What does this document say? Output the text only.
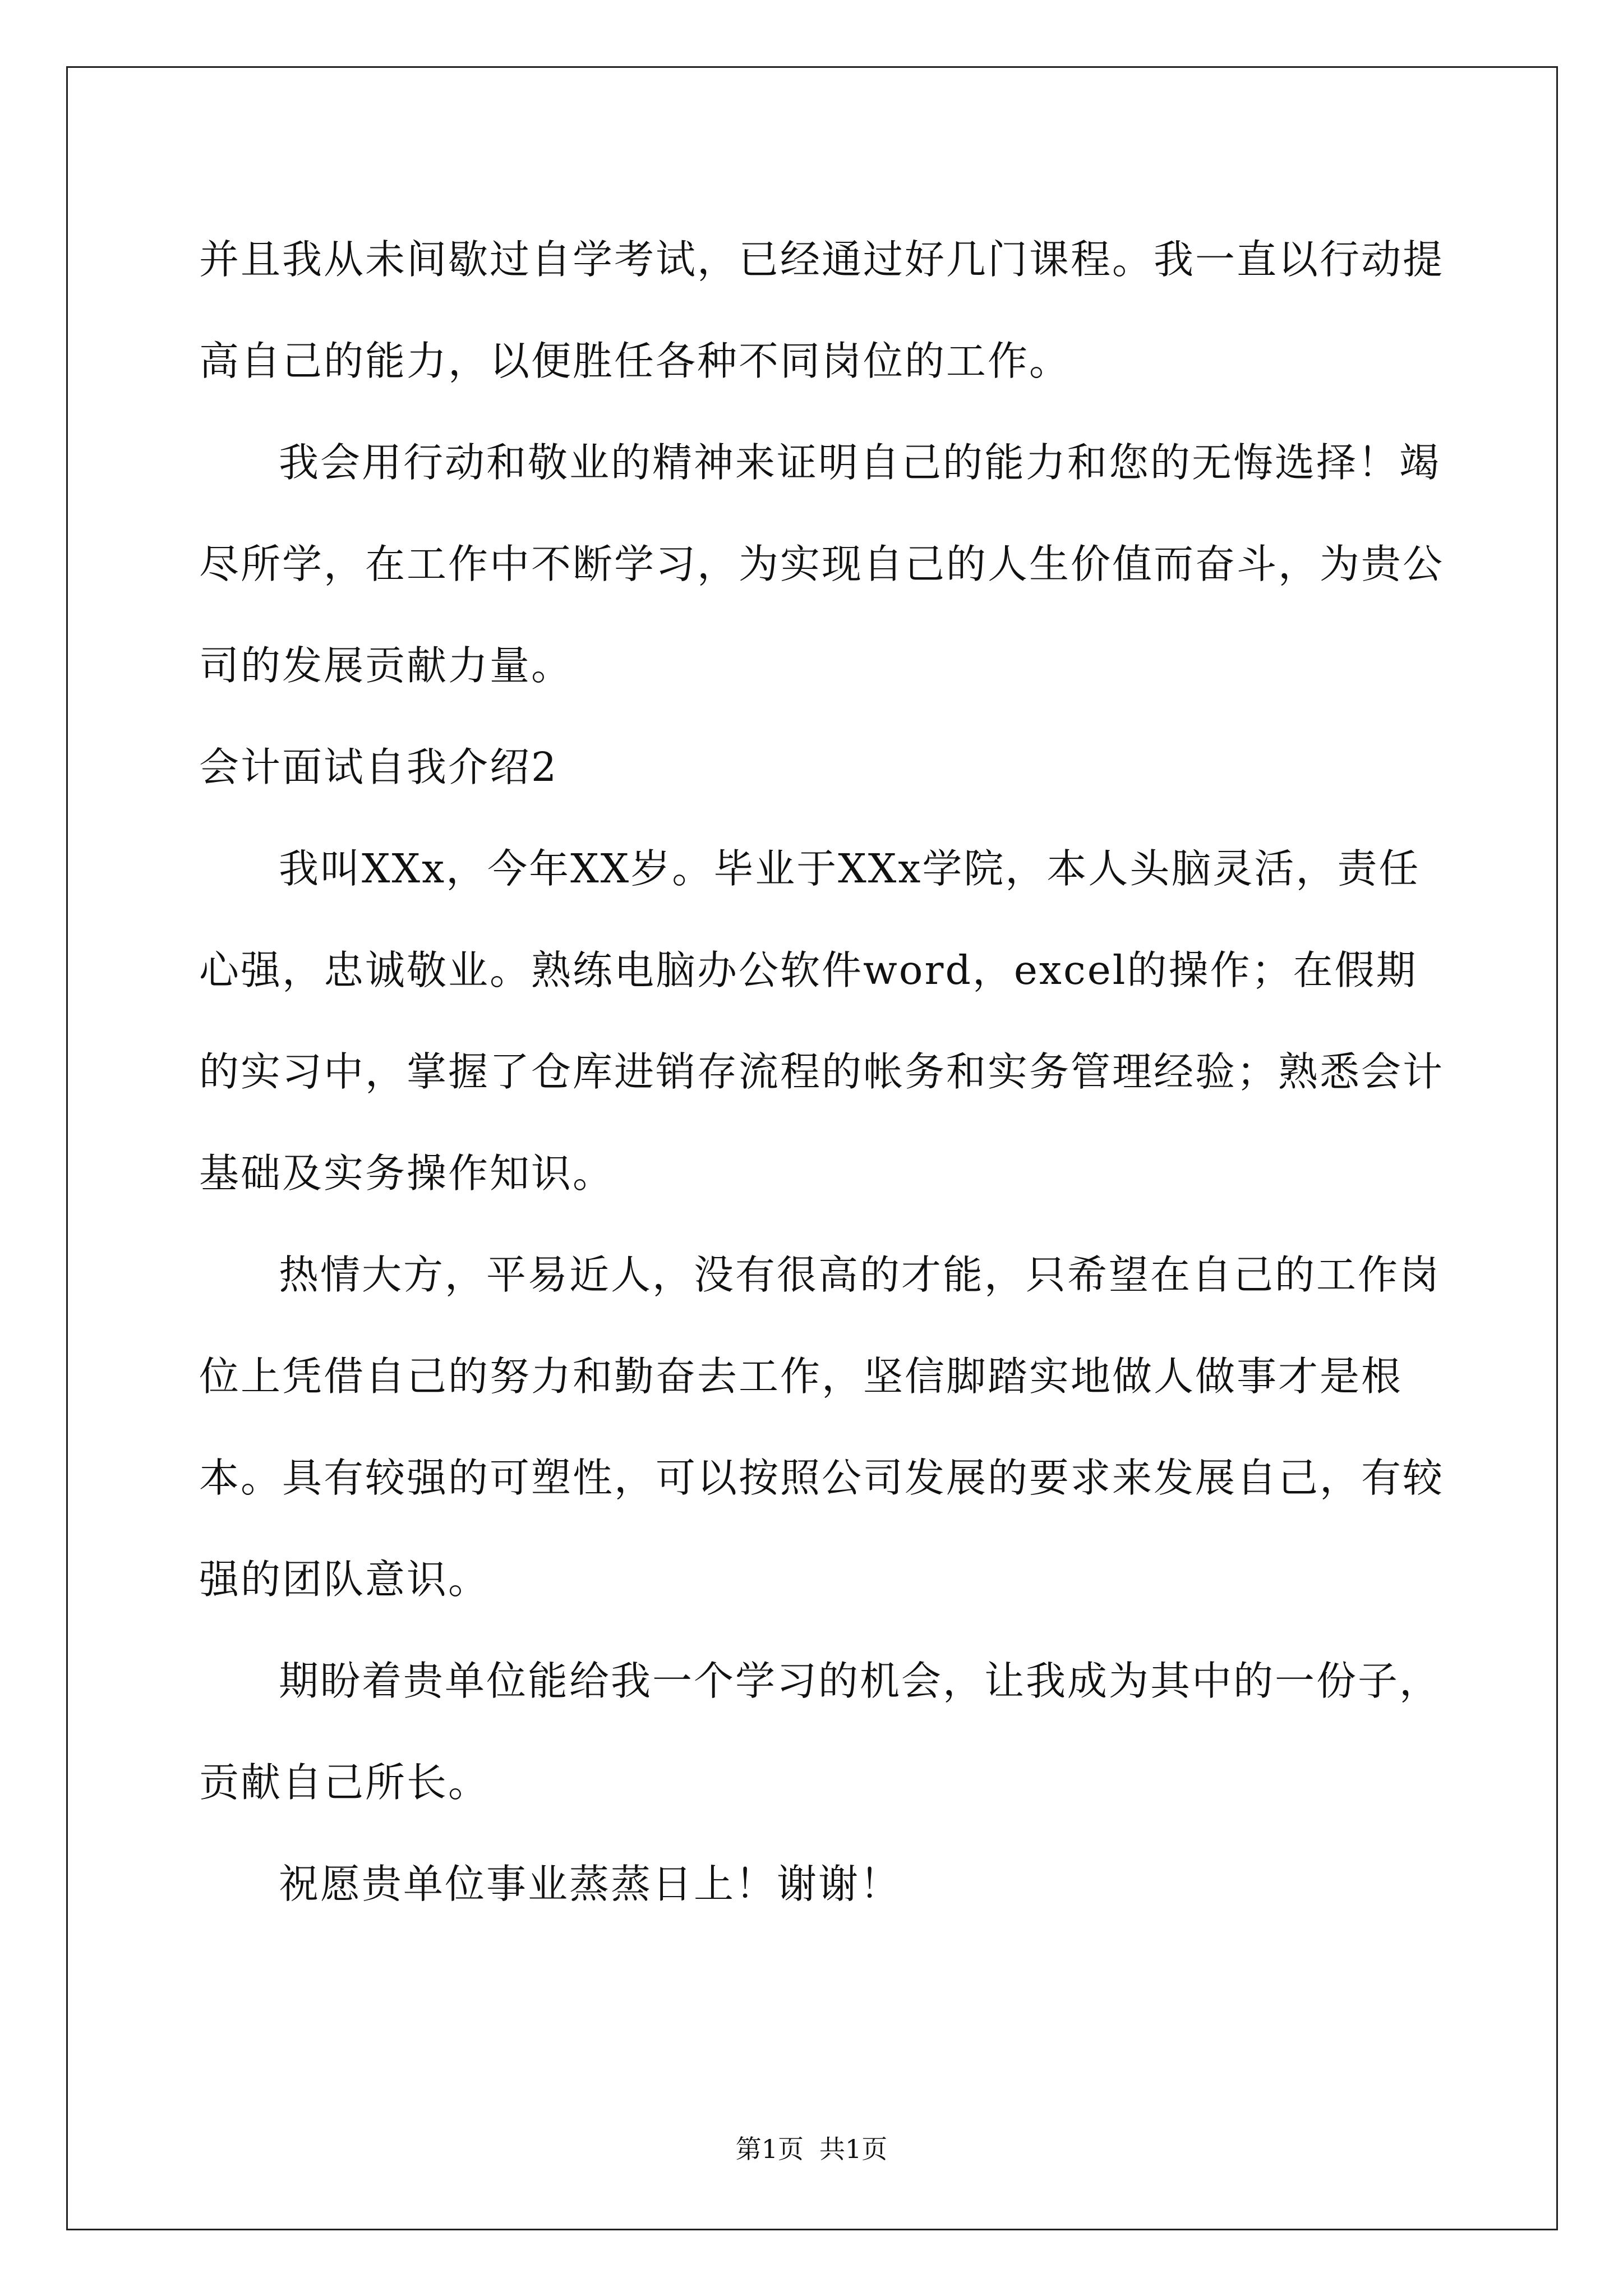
并且我从未间歇过自学考试，已经通过好几门课程。我一直以行动提高自己的能力，以便胜任各种不同岗位的工作。

我会用行动和敬业的精神来证明自己的能力和您的无悔选择！竭尽所学，在工作中不断学习，为实现自己的人生价值而奋斗，为贵公司的发展贡献力量。

会计面试自我介绍2

我叫XXx，今年XX岁。毕业于XXx学院，本人头脑灵活，责任心强，忠诚敬业。熟练电脑办公软件word，excel的操作；在假期的实习中，掌握了仓库进销存流程的帐务和实务管理经验；熟悉会计基础及实务操作知识。

热情大方，平易近人，没有很高的才能，只希望在自己的工作岗位上凭借自己的努力和勤奋去工作，坚信脚踏实地做人做事才是根本。具有较强的可塑性，可以按照公司发展的要求来发展自己，有较强的团队意识。

期盼着贵单位能给我一个学习的机会，让我成为其中的一份子，贡献自己所长。

祝愿贵单位事业蒸蒸日上！谢谢！

第1页 共1页
